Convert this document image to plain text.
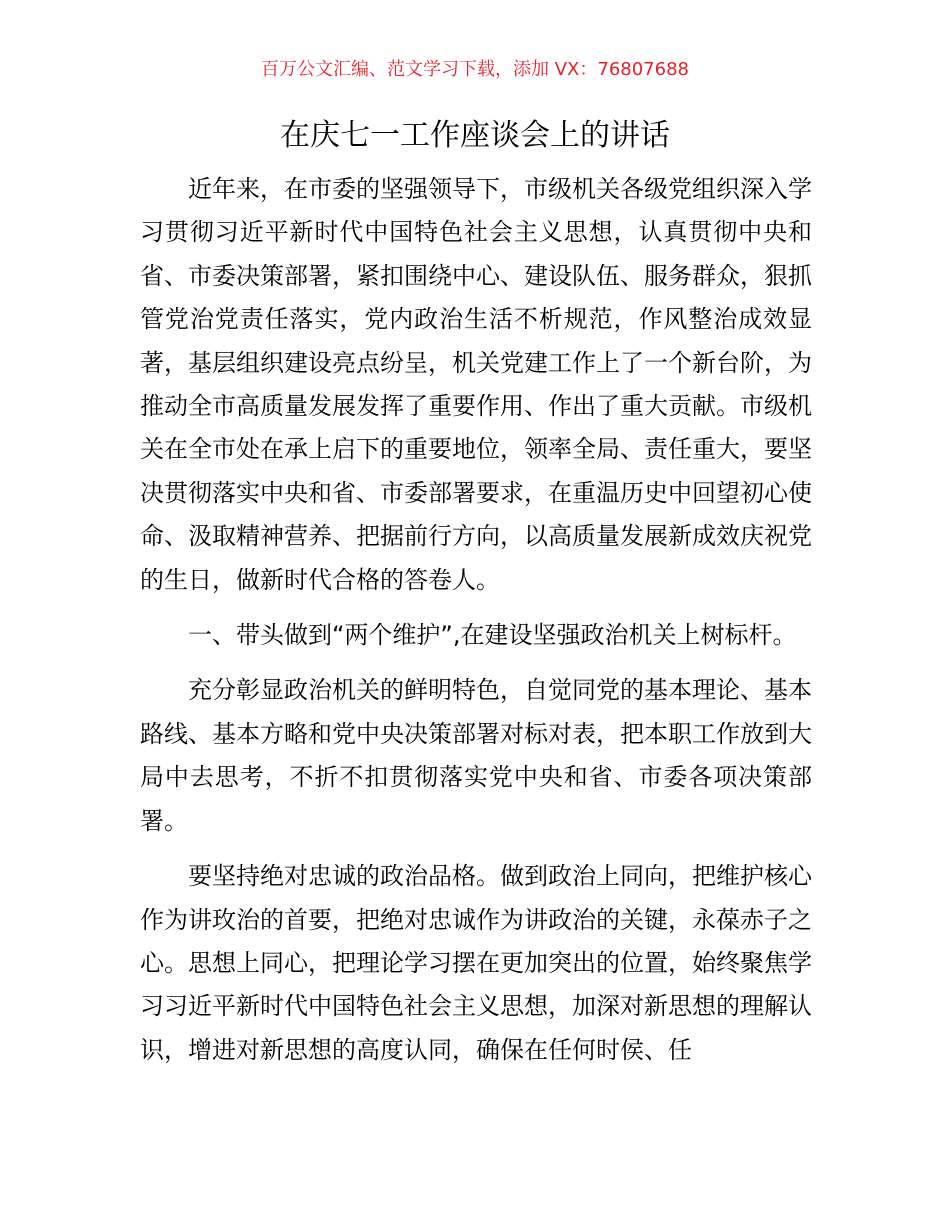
百万公文汇编、范文学习下载，添加 VX：76807688
在庆七一工作座谈会上的讲话

近年来，在市委的坚强领导下，市级机关各级党组织深入学习贯彻习近平新时代中国特色社会主义思想，认真贯彻中央和省、市委决策部署，紧扣围绕中心、建设队伍、服务群众，狠抓管党治党责任落实，党内政治生活不析规范，作风整治成效显著，基层组织建设亮点纷呈，机关党建工作上了一个新台阶，为推动全市高质量发展发挥了重要作用、作出了重大贡献。市级机关在全市处在承上启下的重要地位，领率全局、责任重大，要坚决贯彻落实中央和省、市委部署要求，在重温历史中回望初心使命、汲取精神营养、把据前行方向，以高质量发展新成效庆祝党的生日，做新时代合格的答卷人。

一、带头做到“两个维护”,在建设坚强政治机关上树标杆。

充分彰显政治机关的鲜明特色，自觉同党的基本理论、基本路线、基本方略和党中央决策部署对标对表，把本职工作放到大局中去思考，不折不扣贯彻落实党中央和省、市委各项决策部署。

要坚持绝对忠诚的政治品格。做到政治上同向，把维护核心作为讲玫治的首要，把绝对忠诚作为讲政治的关键，永葆赤子之心。思想上同心，把理论学习摆在更加突出的位置，始终聚焦学习习近平新时代中国特色社会主义思想，加深对新思想的理解认识，增进对新思想的高度认同，确保在任何时侯、任
